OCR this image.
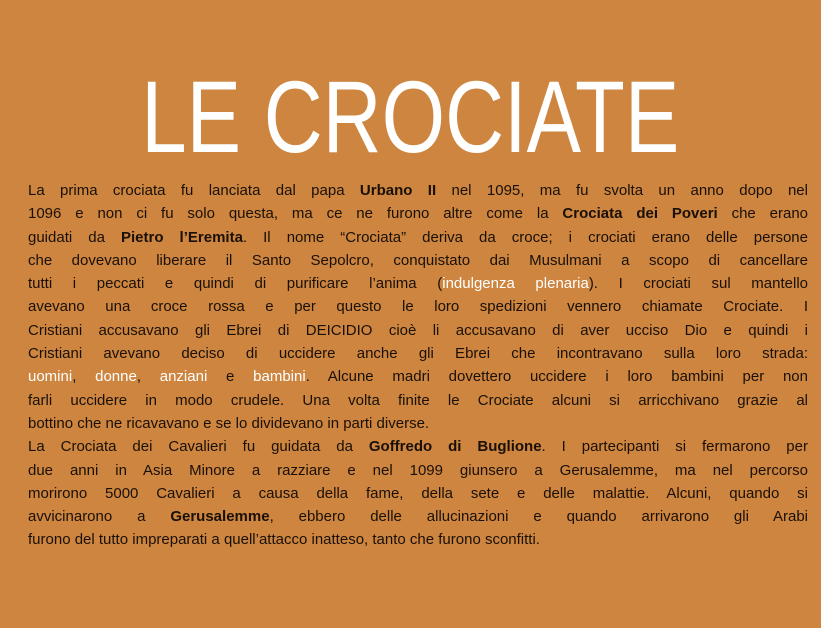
LE CROCIATE
La prima crociata fu lanciata dal papa Urbano II nel 1095, ma fu svolta un anno dopo nel
1096 e non ci fu solo questa, ma ce ne furono altre come la Crociata dei Poveri che erano
guidati da Pietro l’Eremita. Il nome “Crociata” deriva da croce; i crociati erano delle persone
che dovevano liberare il Santo Sepolcro, conquistato dai Musulmani a scopo di cancellare
tutti i peccati e quindi di purificare l’anima (indulgenza plenaria). I crociati sul mantello
avevano una croce rossa e per questo le loro spedizioni vennero chiamate Crociate. I
Cristiani accusavano gli Ebrei di DEICIDIO cioè li accusavano di aver ucciso Dio e quindi i
Cristiani avevano deciso di uccidere anche gli Ebrei che incontravano sulla loro strada:
uomini, donne, anziani e bambini. Alcune madri dovettero uccidere i loro bambini per non
farli uccidere in modo crudele. Una volta finite le Crociate alcuni si arricchivano grazie al
bottino che ne ricavavano e se lo dividevano in parti diverse.
La Crociata dei Cavalieri fu guidata da Goffredo di Buglione. I partecipanti si fermarono per
due anni in Asia Minore a razziare e nel 1099 giunsero a Gerusalemme, ma nel percorso
morirono 5000 Cavalieri a causa della fame, della sete e delle malattie. Alcuni, quando si
avvicinarono a Gerusalemme, ebbero delle allucinazioni e quando arrivarono gli Arabi
furono del tutto impreparati a quell’attacco inatteso, tanto che furono sconfitti.
